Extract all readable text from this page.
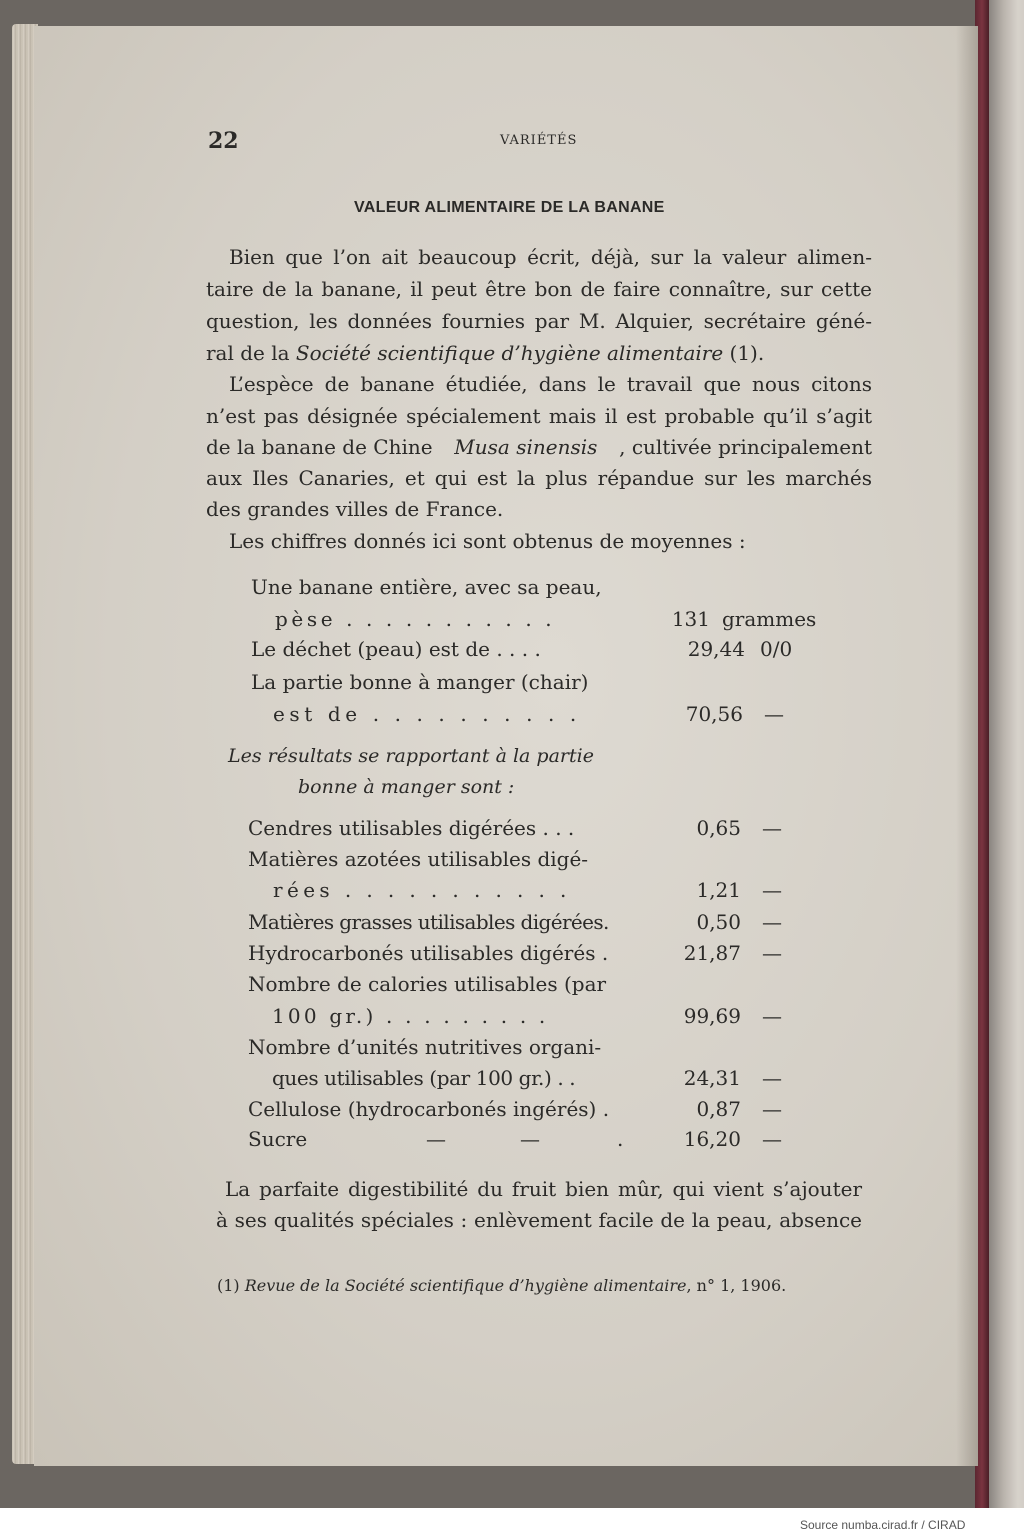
22	VARIÉTÉS
VALEUR ALIMENTAIRE DE LA BANANE
Bien que l’on ait beaucoup écrit, déjà, sur la valeur alimen-
taire de la banane, il peut être bon de faire connaître, sur cette
question, les données fournies par M. Alquier, secrétaire géné-
ral de la Société scientifique d’hygiène alimentaire (1).
L’espèce de banane étudiée, dans le travail que nous citons
n’est pas désignée spécialement mais il est probable qu’il s’agit
de la banane de Chine Musa sinensis , cultivée principalement
aux Iles Canaries, et qui est la plus répandue sur les marchés
des grandes villes de France.
Les chiffres donnés ici sont obtenus de moyennes :
Une banane entière, avec sa peau,
pèse . . . . . . . . . . .	131 grammes
Le déchet (peau) est de . . . .	29,44 0/0
La partie bonne à manger (chair)
est de . . . . . . . . . .	70,56 —
Les résultats se rapportant à la partie
bonne à manger sont :
Cendres utilisables digérées . . .	0,65 —
Matières azotées utilisables digé-
rées . . . . . . . . . . .	1,21 —
Matières grasses utilisables digérées.	0,50 —
Hydrocarbonés utilisables digérés .	21,87 —
Nombre de calories utilisables (par
100 gr.) . . . . . . . . .	99,69 —
Nombre d’unités nutritives organi-
ques utilisables (par 100 gr.) . .	24,31 —
Cellulose (hydrocarbonés ingérés) .	0,87 —
Sucre	—	—	.	16,20 —
La parfaite digestibilité du fruit bien mûr, qui vient s’ajouter
à ses qualités spéciales : enlèvement facile de la peau, absence
(1) Revue de la Société scientifique d’hygiène alimentaire, n° 1, 1906.
Source numba.cirad.fr / CIRAD
